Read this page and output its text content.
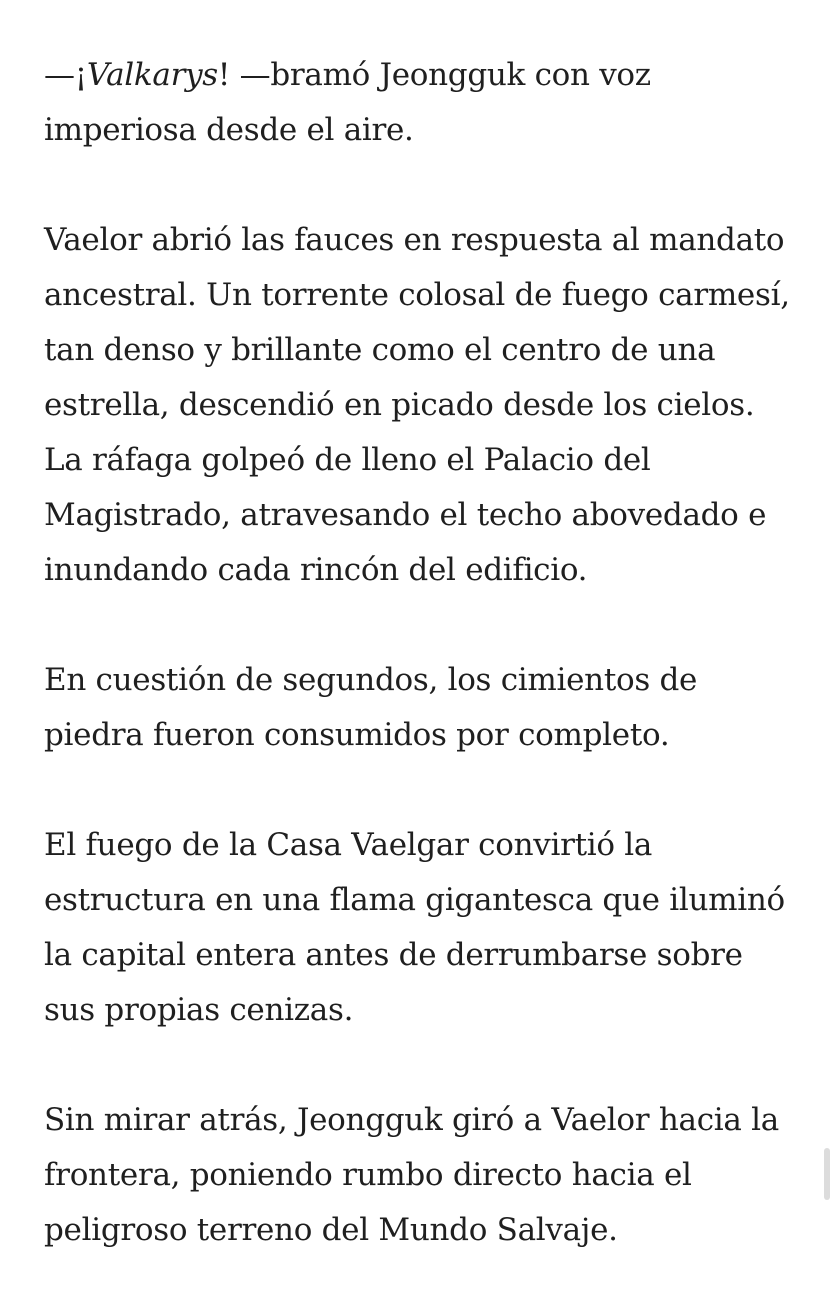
—¡Valkarys! —bramó Jeongguk con voz
imperiosa desde el aire.

Vaelor abrió las fauces en respuesta al mandato
ancestral. Un torrente colosal de fuego carmesí,
tan denso y brillante como el centro de una
estrella, descendió en picado desde los cielos.
La ráfaga golpeó de lleno el Palacio del
Magistrado, atravesando el techo abovedado e
inundando cada rincón del edificio.

En cuestión de segundos, los cimientos de
piedra fueron consumidos por completo.

El fuego de la Casa Vaelgar convirtió la
estructura en una flama gigantesca que iluminó
la capital entera antes de derrumbarse sobre
sus propias cenizas.

Sin mirar atrás, Jeongguk giró a Vaelor hacia la
frontera, poniendo rumbo directo hacia el
peligroso terreno del Mundo Salvaje.
